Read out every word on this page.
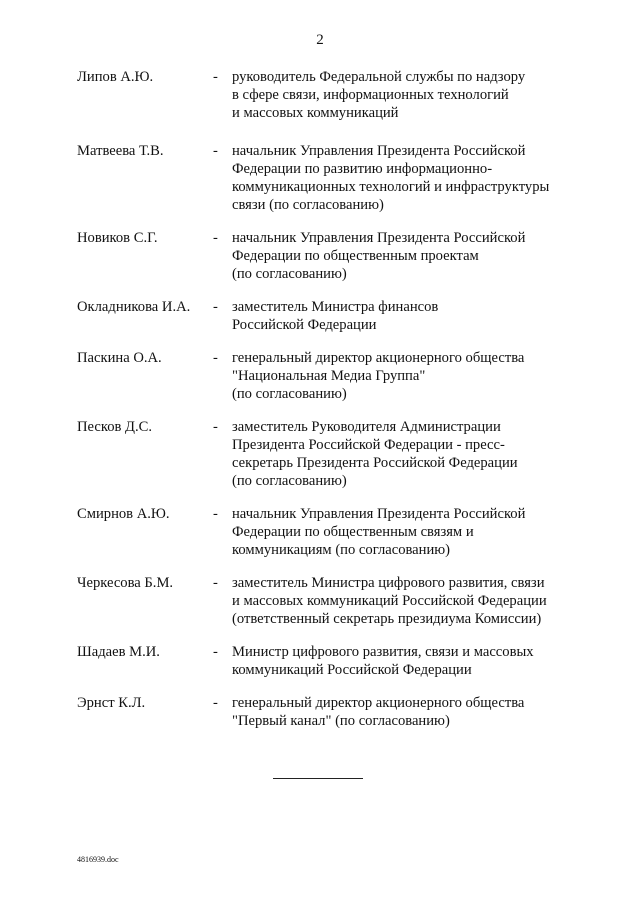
2
Липов А.Ю.	- руководитель Федеральной службы по надзору
в сфере связи, информационных технологий
и массовых коммуникаций
Матвеева Т.В.	- начальник Управления Президента Российской
Федерации по развитию информационно-
коммуникационных технологий и инфраструктуры
связи (по согласованию)
Новиков С.Г.	- начальник Управления Президента Российской
Федерации по общественным проектам
(по согласованию)
Окладникова И.А. - заместитель Министра финансов
Российской Федерации
Паскина О.А.	- генеральный директор акционерного общества
"Национальная Медиа Группа"
(по согласованию)
Песков Д.С.	- заместитель Руководителя Администрации
Президента Российской Федерации - пресс-
секретарь Президента Российской Федерации
(по согласованию)
Смирнов А.Ю.	- начальник Управления Президента Российской
Федерации по общественным связям и
коммуникациям (по согласованию)
Черкесова Б.М.	- заместитель Министра цифрового развития, связи
и массовых коммуникаций Российской Федерации
(ответственный секретарь президиума Комиссии)
Шадаев М.И.	- Министр цифрового развития, связи и массовых
коммуникаций Российской Федерации
Эрнст К.Л.	- генеральный директор акционерного общества
"Первый канал" (по согласованию)
4816939.doc
